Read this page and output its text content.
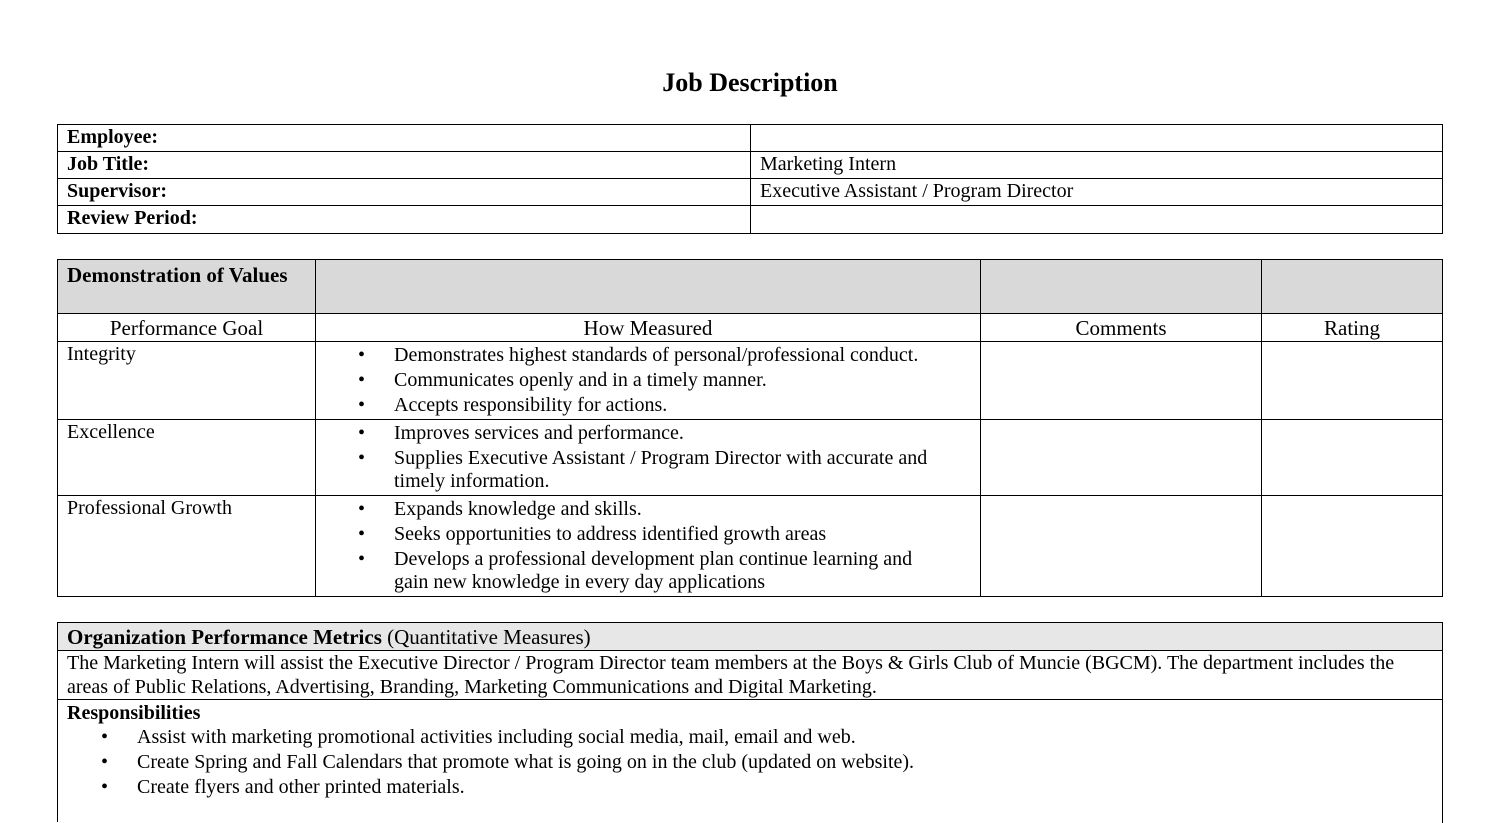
Job Description
Employee:
Job Title:	Marketing Intern
Supervisor:	Executive Assistant / Program Director
Review Period:
Demonstration of Values
Performance Goal	How Measured	Comments	Rating
Integrity	• Demonstrates highest standards of personal/professional conduct.
• Communicates openly and in a timely manner.
• Accepts responsibility for actions.
Excellence	• Improves services and performance.
• Supplies Executive Assistant / Program Director with accurate and timely information.
Professional Growth	• Expands knowledge and skills.
• Seeks opportunities to address identified growth areas
• Develops a professional development plan continue learning and gain new knowledge in every day applications
Organization Performance Metrics (Quantitative Measures)
The Marketing Intern will assist the Executive Director / Program Director team members at the Boys & Girls Club of Muncie (BGCM). The department includes the areas of Public Relations, Advertising, Branding, Marketing Communications and Digital Marketing.
Responsibilities
• Assist with marketing promotional activities including social media, mail, email and web.
• Create Spring and Fall Calendars that promote what is going on in the club (updated on website).
• Create flyers and other printed materials.
